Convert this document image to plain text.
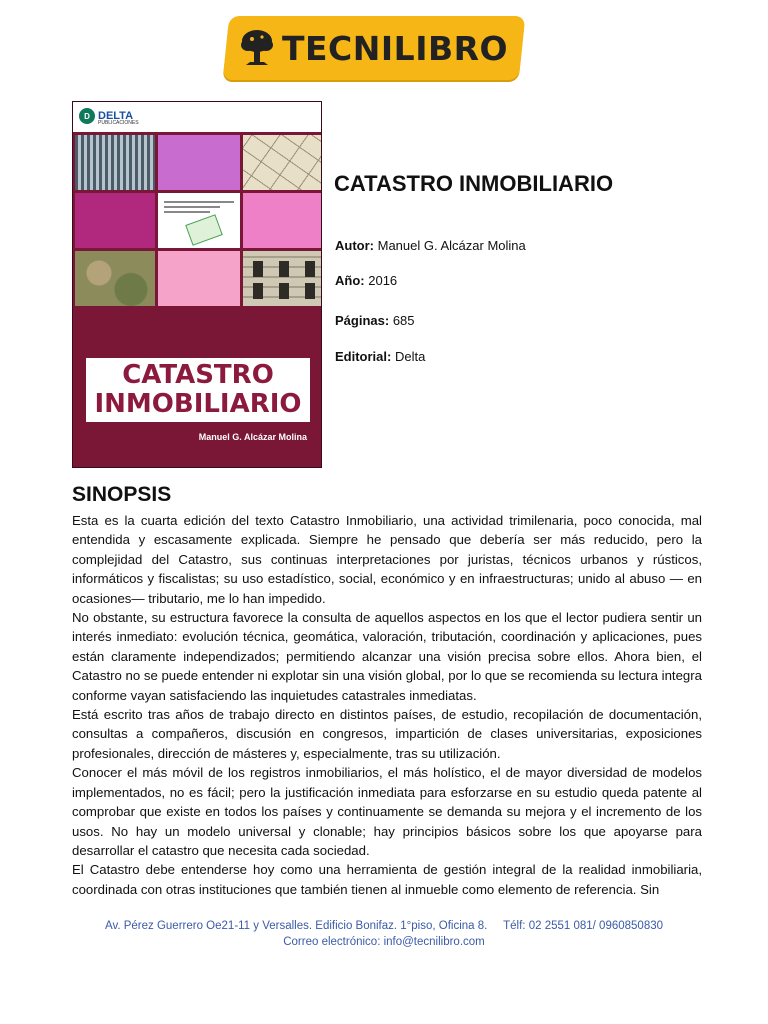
TECNILIBRO
D DELTA
PUBLICACIONES
CATASTRO
INMOBILIARIO
Manuel G. Alcázar Molina
CATASTRO INMOBILIARIO
Autor: Manuel G. Alcázar Molina
Año: 2016
Páginas: 685
Editorial: Delta
SINOPSIS

Esta es la cuarta edición del texto Catastro Inmobiliario, una actividad trimilenaria, poco conocida, mal entendida y escasamente explicada. Siempre he pensado que debería ser más reducido, pero la complejidad del Catastro, sus continuas interpretaciones por juristas, técnicos urbanos y rústicos, informáticos y fiscalistas; su uso estadístico, social, económico y en infraestructuras; unido al abuso — en ocasiones— tributario, me lo han impedido.

No obstante, su estructura favorece la consulta de aquellos aspectos en los que el lector pudiera sentir un interés inmediato: evolución técnica, geomática, valoración, tributación, coordinación y aplicaciones, pues están claramente independizados; permitiendo alcanzar una visión precisa sobre ellos. Ahora bien, el Catastro no se puede entender ni explotar sin una visión global, por lo que se recomienda su lectura integra conforme vayan satisfaciendo las inquietudes catastrales inmediatas.

Está escrito tras años de trabajo directo en distintos países, de estudio, recopilación de documentación, consultas a compañeros, discusión en congresos, impartición de clases universitarias, exposiciones profesionales, dirección de másteres y, especialmente, tras su utilización.

Conocer el más móvil de los registros inmobiliarios, el más holístico, el de mayor diversidad de modelos implementados, no es fácil; pero la justificación inmediata para esforzarse en su estudio queda patente al comprobar que existe en todos los países y continuamente se demanda su mejora y el incremento de los usos. No hay un modelo universal y clonable; hay principios básicos sobre los que apoyarse para desarrollar el catastro que necesita cada sociedad.

El Catastro debe entenderse hoy como una herramienta de gestión integral de la realidad inmobiliaria, coordinada con otras instituciones que también tienen al inmueble como elemento de referencia. Sin

Av. Pérez Guerrero Oe21-11 y Versalles. Edificio Bonifaz. 1°piso, Oficina 8. Télf: 02 2551 081/ 0960850830
Correo electrónico: info@tecnilibro.com
